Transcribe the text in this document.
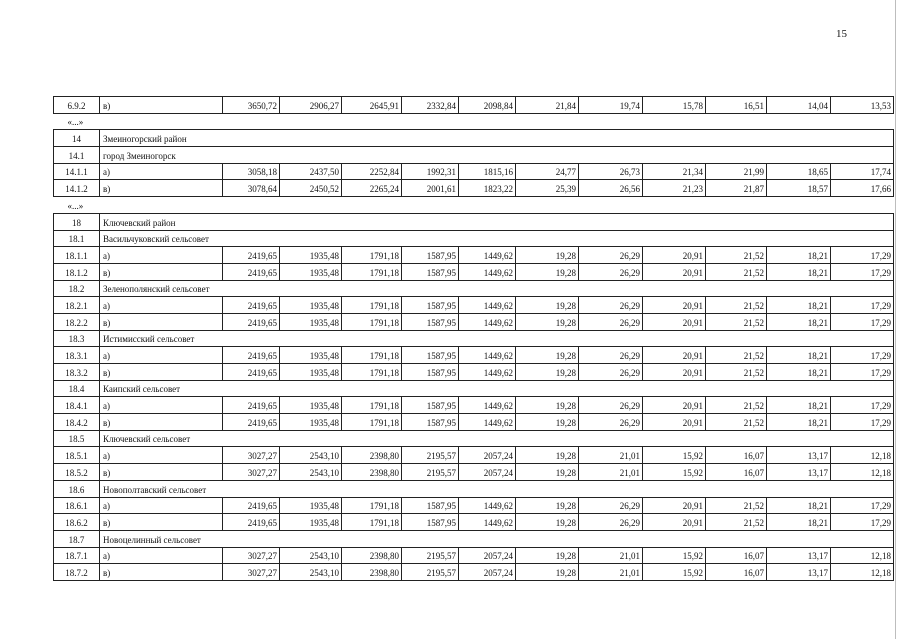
15
6.9.2	в)	3650,72	2906,27	2645,91	2332,84	2098,84	21,84	19,74	15,78	16,51	14,04	13,53
«...»												
14	Змеиногорский район											
14.1	город Змеиногорск											
14.1.1	а)	3058,18	2437,50	2252,84	1992,31	1815,16	24,77	26,73	21,34	21,99	18,65	17,74
14.1.2	в)	3078,64	2450,52	2265,24	2001,61	1823,22	25,39	26,56	21,23	21,87	18,57	17,66
«...»												
18	Ключевский район											
18.1	Васильчуковский сельсовет											
18.1.1	а)	2419,65	1935,48	1791,18	1587,95	1449,62	19,28	26,29	20,91	21,52	18,21	17,29
18.1.2	в)	2419,65	1935,48	1791,18	1587,95	1449,62	19,28	26,29	20,91	21,52	18,21	17,29
18.2	Зеленополянский сельсовет											
18.2.1	а)	2419,65	1935,48	1791,18	1587,95	1449,62	19,28	26,29	20,91	21,52	18,21	17,29
18.2.2	в)	2419,65	1935,48	1791,18	1587,95	1449,62	19,28	26,29	20,91	21,52	18,21	17,29
18.3	Истимисский сельсовет											
18.3.1	а)	2419,65	1935,48	1791,18	1587,95	1449,62	19,28	26,29	20,91	21,52	18,21	17,29
18.3.2	в)	2419,65	1935,48	1791,18	1587,95	1449,62	19,28	26,29	20,91	21,52	18,21	17,29
18.4	Каипский сельсовет											
18.4.1	а)	2419,65	1935,48	1791,18	1587,95	1449,62	19,28	26,29	20,91	21,52	18,21	17,29
18.4.2	в)	2419,65	1935,48	1791,18	1587,95	1449,62	19,28	26,29	20,91	21,52	18,21	17,29
18.5	Ключевский сельсовет											
18.5.1	а)	3027,27	2543,10	2398,80	2195,57	2057,24	19,28	21,01	15,92	16,07	13,17	12,18
18.5.2	в)	3027,27	2543,10	2398,80	2195,57	2057,24	19,28	21,01	15,92	16,07	13,17	12,18
18.6	Новополтавский сельсовет											
18.6.1	а)	2419,65	1935,48	1791,18	1587,95	1449,62	19,28	26,29	20,91	21,52	18,21	17,29
18.6.2	в)	2419,65	1935,48	1791,18	1587,95	1449,62	19,28	26,29	20,91	21,52	18,21	17,29
18.7	Новоцелинный сельсовет											
18.7.1	а)	3027,27	2543,10	2398,80	2195,57	2057,24	19,28	21,01	15,92	16,07	13,17	12,18
18.7.2	в)	3027,27	2543,10	2398,80	2195,57	2057,24	19,28	21,01	15,92	16,07	13,17	12,18
